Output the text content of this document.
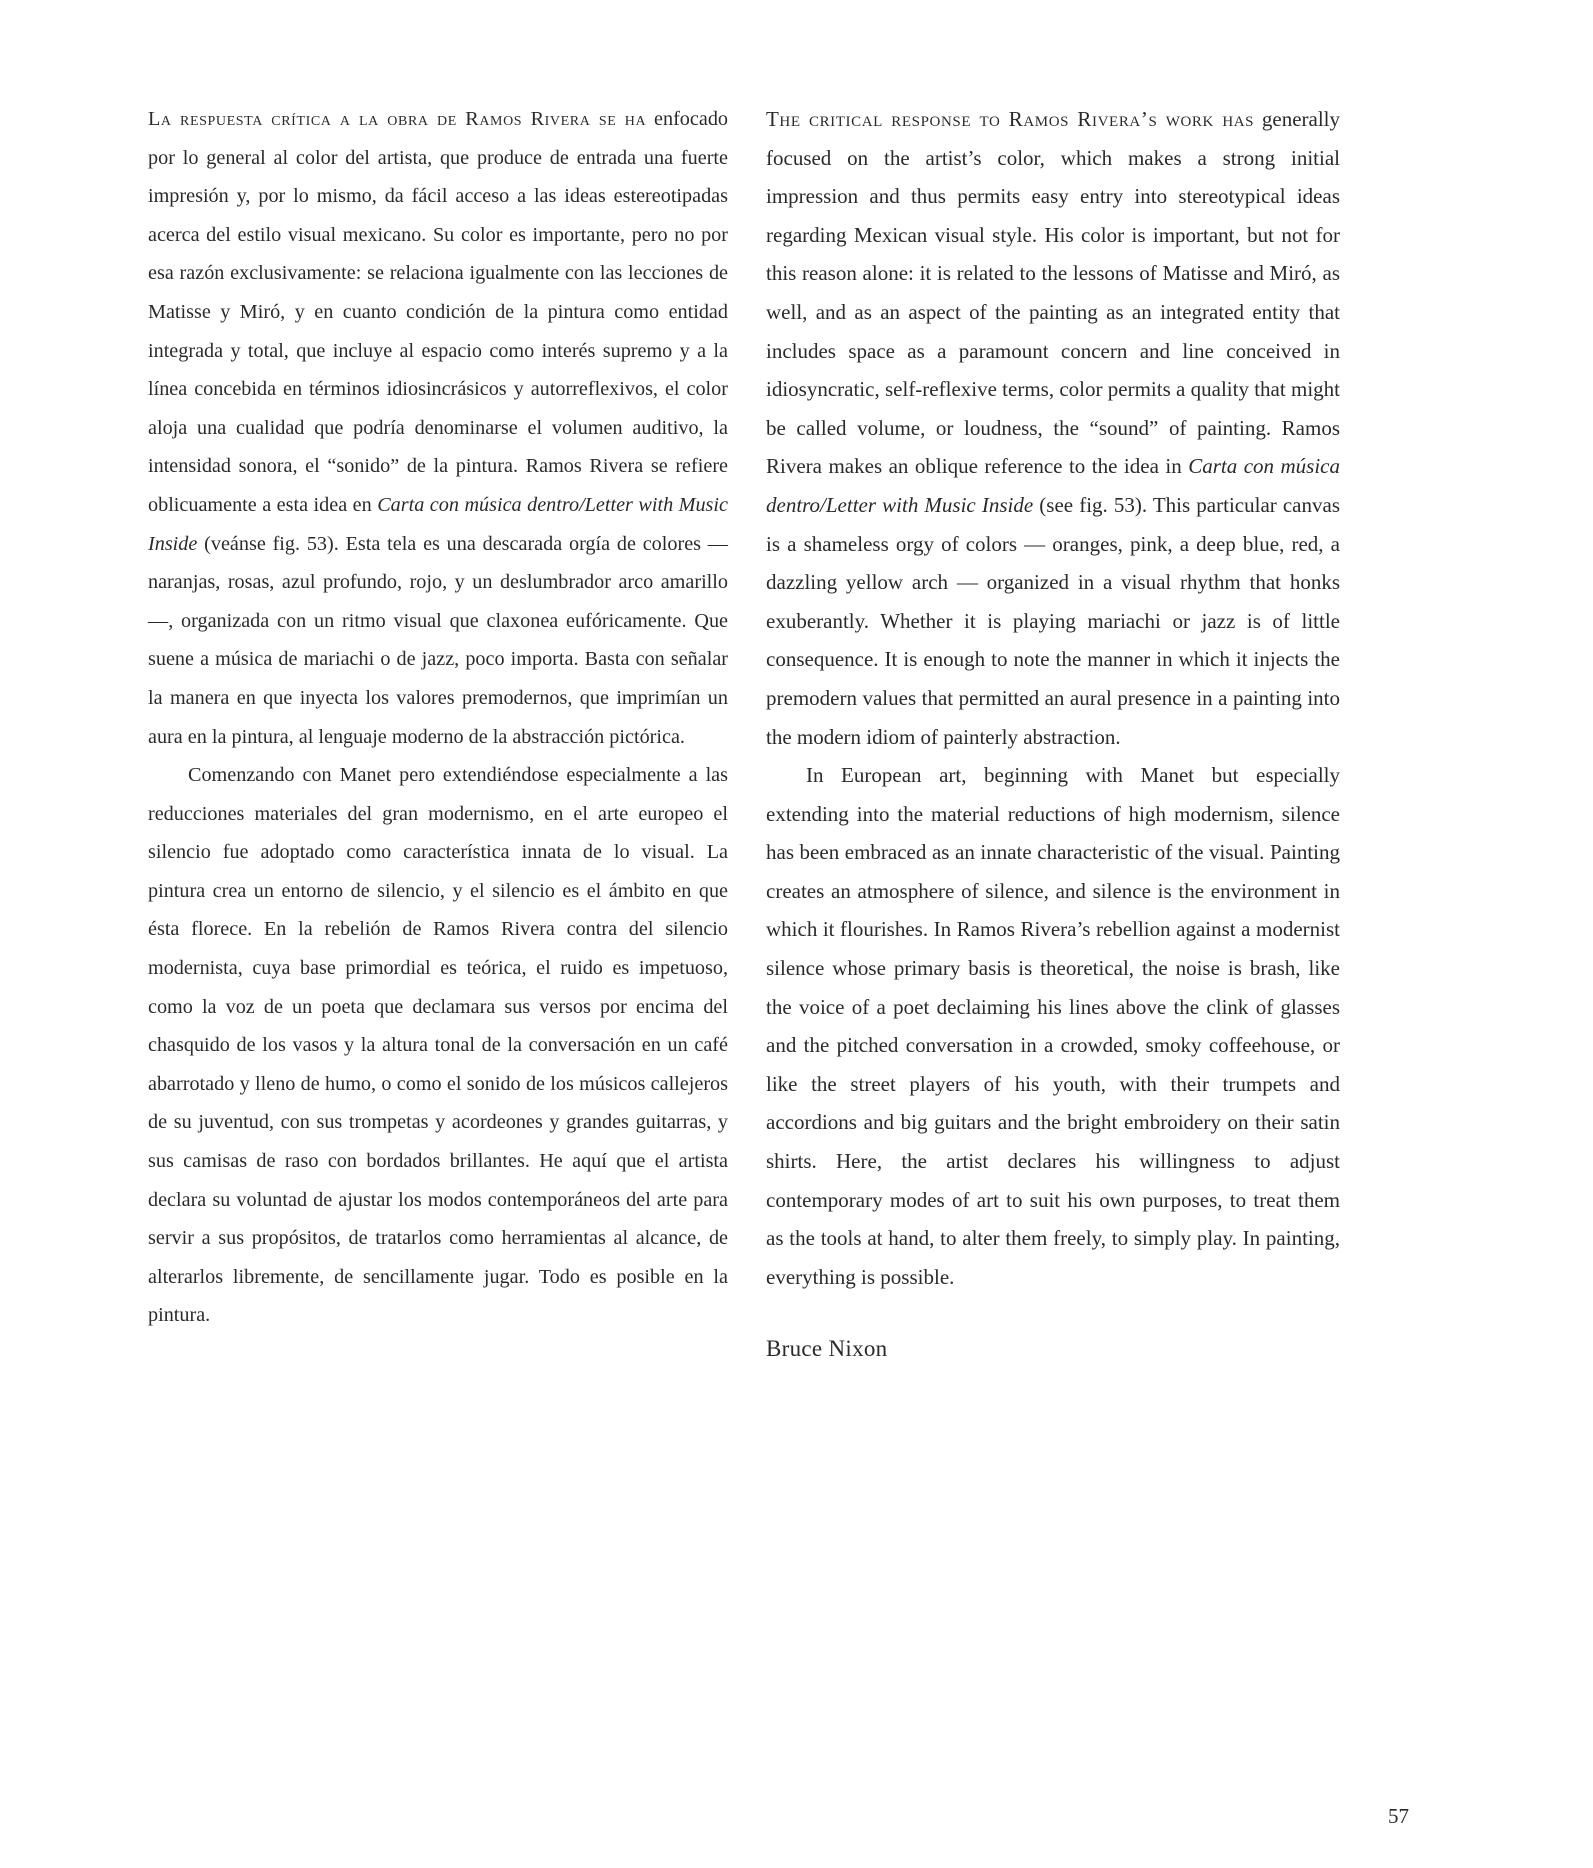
La respuesta crítica a la obra de Ramos Rivera se ha enfocado por lo general al color del artista, que produce de entrada una fuerte impresión y, por lo mismo, da fácil acceso a las ideas estereotipadas acerca del estilo visual mexicano. Su color es importante, pero no por esa razón exclusivamente: se relaciona igualmente con las lecciones de Matisse y Miró, y en cuanto condición de la pintura como entidad integrada y total, que incluye al espacio como interés supremo y a la línea concebida en términos idiosincrásicos y autorreflexivos, el color aloja una cualidad que podría denominarse el volumen auditivo, la intensidad sonora, el “sonido” de la pintura. Ramos Rivera se refiere oblicuamente a esta idea en Carta con música dentro/Letter with Music Inside (veánse fig. 53). Esta tela es una descarada orgía de colores — naranjas, rosas, azul profundo, rojo, y un deslumbrador arco amarillo —, organizada con un ritmo visual que claxonea eufóricamente. Que suene a música de mariachi o de jazz, poco importa. Basta con señalar la manera en que inyecta los valores premodernos, que imprimían un aura en la pintura, al lenguaje moderno de la abstracción pictórica.

Comenzando con Manet pero extendiéndose especialmente a las reducciones materiales del gran modernismo, en el arte europeo el silencio fue adoptado como característica innata de lo visual. La pintura crea un entorno de silencio, y el silencio es el ámbito en que ésta florece. En la rebelión de Ramos Rivera contra del silencio modernista, cuya base primordial es teórica, el ruido es impetuoso, como la voz de un poeta que declamara sus versos por encima del chasquido de los vasos y la altura tonal de la conversación en un café abarrotado y lleno de humo, o como el sonido de los músicos callejeros de su juventud, con sus trompetas y acordeones y grandes guitarras, y sus camisas de raso con bordados brillantes. He aquí que el artista declara su voluntad de ajustar los modos contemporáneos del arte para servir a sus propósitos, de tratarlos como herramientas al alcance, de alterarlos libremente, de sencillamente jugar. Todo es posible en la pintura.

The critical response to Ramos Rivera’s work has generally focused on the artist’s color, which makes a strong initial impression and thus permits easy entry into stereotypical ideas regarding Mexican visual style. His color is important, but not for this reason alone: it is related to the lessons of Matisse and Miró, as well, and as an aspect of the painting as an integrated entity that includes space as a paramount concern and line conceived in idiosyncratic, self-reflexive terms, color permits a quality that might be called volume, or loudness, the “sound” of painting. Ramos Rivera makes an oblique reference to the idea in Carta con música dentro/Letter with Music Inside (see fig. 53). This particular canvas is a shameless orgy of colors — oranges, pink, a deep blue, red, a dazzling yellow arch — organized in a visual rhythm that honks exuberantly. Whether it is playing mariachi or jazz is of little consequence. It is enough to note the manner in which it injects the premodern values that permitted an aural presence in a painting into the modern idiom of painterly abstraction.

In European art, beginning with Manet but especially extending into the material reductions of high modernism, silence has been embraced as an innate characteristic of the visual. Painting creates an atmosphere of silence, and silence is the environment in which it flourishes. In Ramos Rivera’s rebellion against a modernist silence whose primary basis is theoretical, the noise is brash, like the voice of a poet declaiming his lines above the clink of glasses and the pitched conversation in a crowded, smoky coffeehouse, or like the street players of his youth, with their trumpets and accordions and big guitars and the bright embroidery on their satin shirts. Here, the artist declares his willingness to adjust contemporary modes of art to suit his own purposes, to treat them as the tools at hand, to alter them freely, to simply play. In painting, everything is possible.

Bruce Nixon

57
